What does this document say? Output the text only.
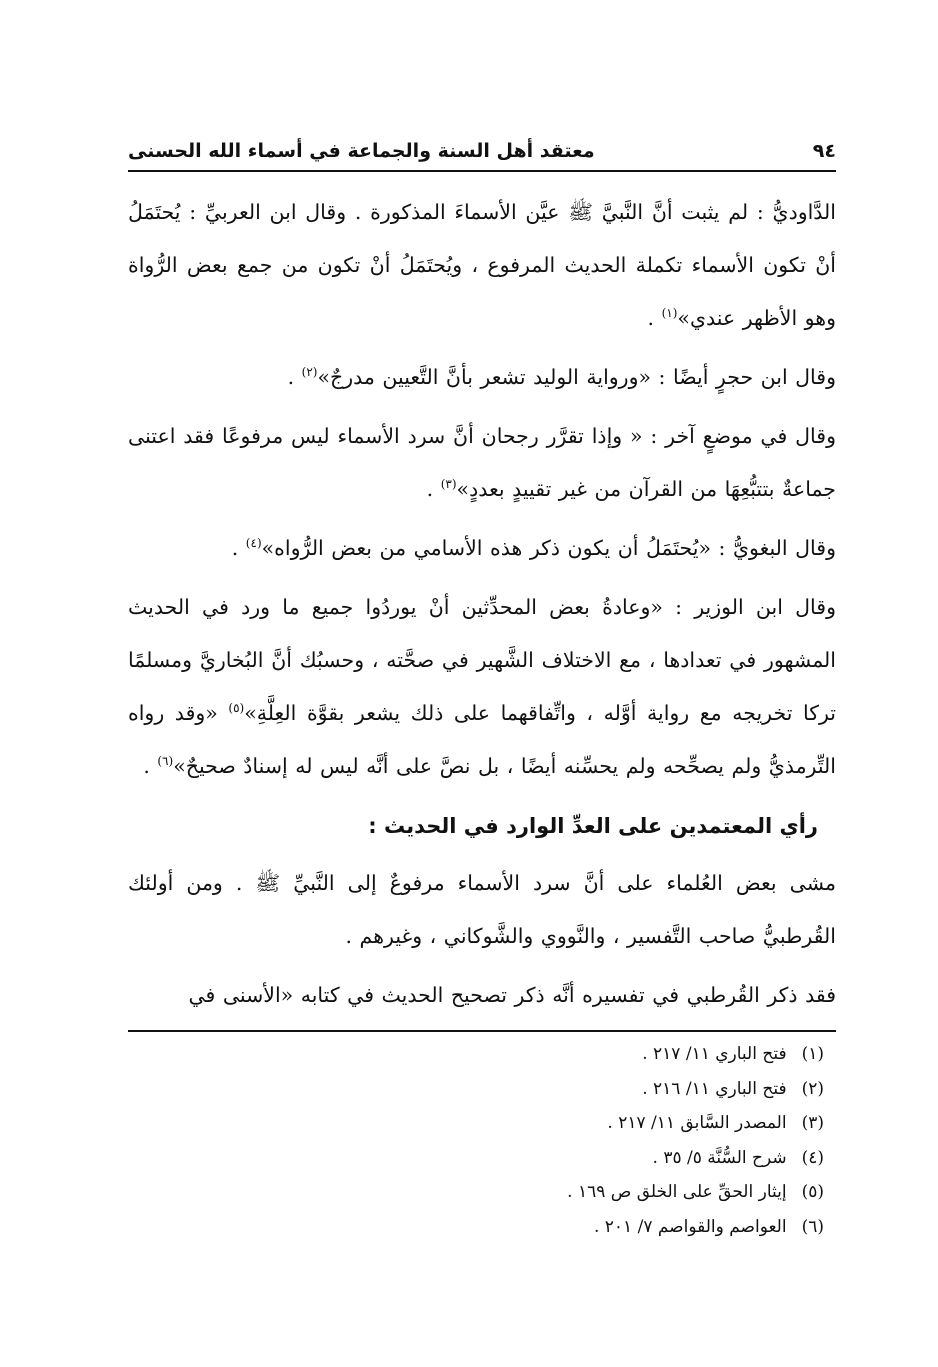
٩٤
معتقد أهل السنة والجماعة في أسماء الله الحسنى

الدَّاوديُّ : لم يثبت أنَّ النَّبيَّ ﷺ عيَّن الأسماءَ المذكورة . وقال ابن العربيِّ : يُحتَمَلُ أنْ تكون الأسماء تكملة الحديث المرفوع ، ويُحتَمَلُ أنْ تكون من جمع بعض الرُّواة وهو الأظهر عندي»$^{(١)}$ .

وقال ابن حجرٍ أيضًا : «ورواية الوليد تشعر بأنَّ التَّعيين مدرجٌ»$^{(٢)}$ .

وقال في موضعٍ آخر : « وإذا تقرَّر رجحان أنَّ سرد الأسماء ليس مرفوعًا فقد اعتنى جماعةٌ بتتبُّعِهَا من القرآن من غير تقييدٍ بعددٍ»$^{(٣)}$ .

وقال البغويُّ : «يُحتَمَلُ أن يكون ذكر هذه الأسامي من بعض الرُّواه»$^{(٤)}$ .

وقال ابن الوزير : «وعادةُ بعض المحدِّثين أنْ يوردُوا جميع ما ورد في الحديث المشهور في تعدادها ، مع الاختلاف الشَّهير في صحَّته ، وحسبُك أنَّ البُخاريَّ ومسلمًا تركا تخريجه مع رواية أوَّله ، واتِّفاقهما على ذلك يشعر بقوَّة العِلَّةِ»$^{(٥)}$ «وقد رواه التِّرمذيُّ ولم يصحِّحه ولم يحسِّنه أيضًا ، بل نصَّ على أنَّه ليس له إسنادٌ صحيحٌ»$^{(٦)}$ .

رأي المعتمدين على العدِّ الوارد في الحديث :

مشى بعض العُلماء على أنَّ سرد الأسماء مرفوعٌ إلى النَّبيِّ ﷺ . ومن أولئك القُرطبيُّ صاحب التَّفسير ، والنَّووي والشَّوكاني ، وغيرهم .

فقد ذكر القُرطبي في تفسيره أنَّه ذكر تصحيح الحديث في كتابه «الأسنى في

(١) فتح الباري ١١/ ٢١٧ .
(٢) فتح الباري ١١/ ٢١٦ .
(٣) المصدر السَّابق ١١/ ٢١٧ .
(٤) شرح السُّنَّة ٥/ ٣٥ .
(٥) إيثار الحقِّ على الخلق ص ١٦٩ .
(٦) العواصم والقواصم ٧/ ٢٠١ .
